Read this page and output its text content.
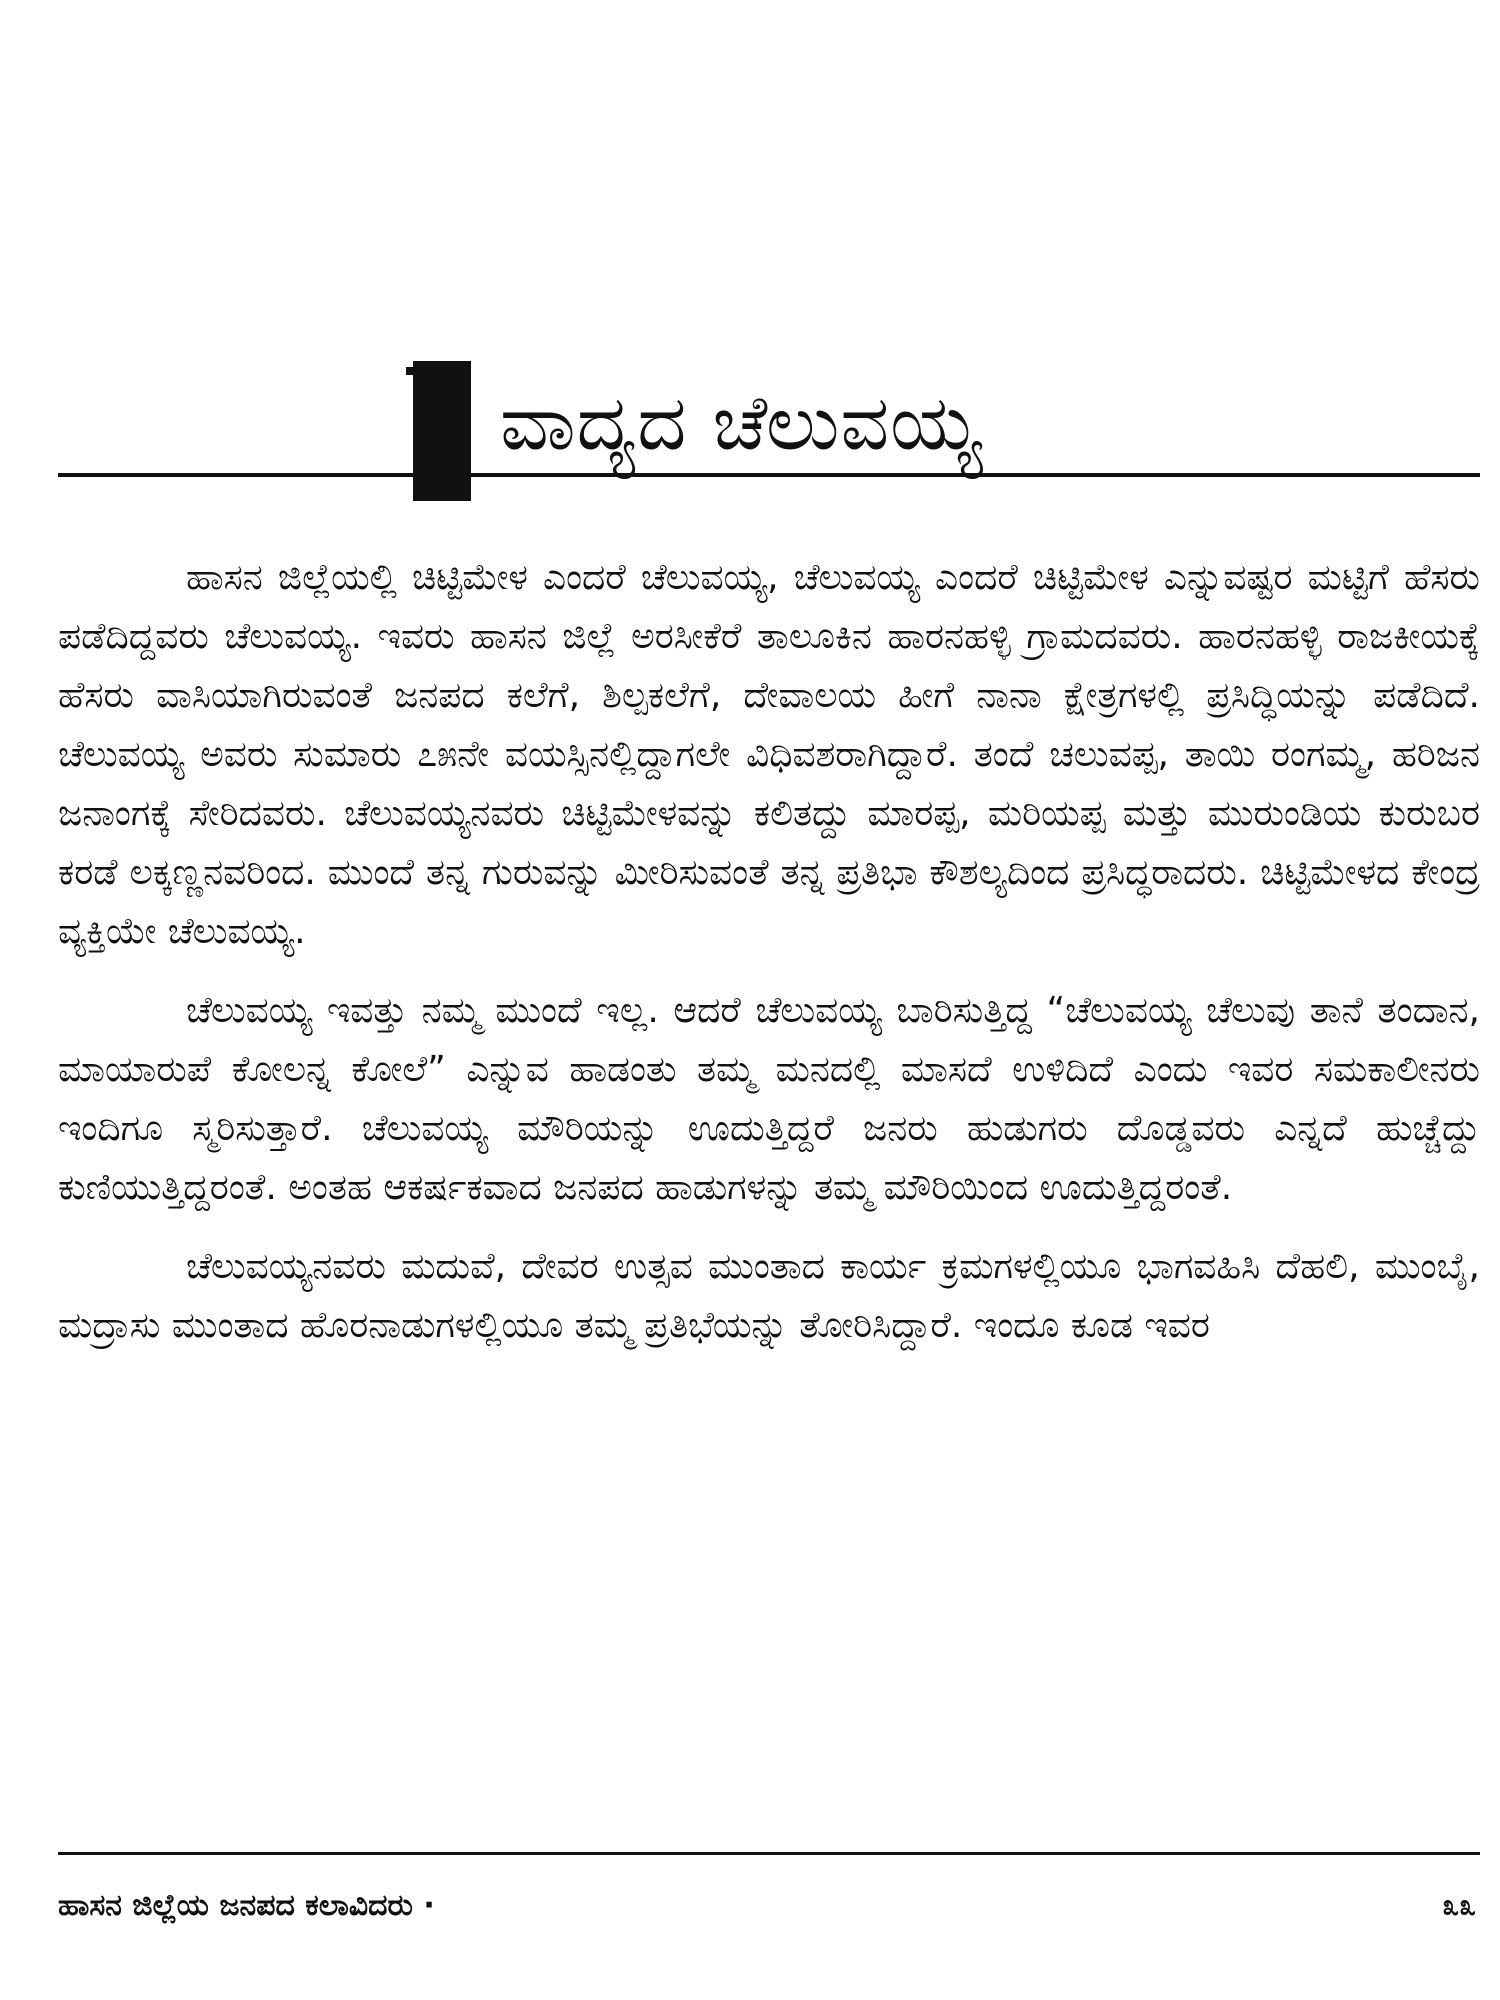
ವಾದ್ಯದ ಚೆಲುವಯ್ಯ

ಹಾಸನ ಜಿಲ್ಲೆಯಲ್ಲಿ ಚಿಟ್ಟಿಮೇಳ ಎಂದರೆ ಚೆಲುವಯ್ಯ, ಚೆಲುವಯ್ಯ ಎಂದರೆ ಚಿಟ್ಟಿಮೇಳ ಎನ್ನುವಷ್ಟರ ಮಟ್ಟಿಗೆ ಹೆಸರು ಪಡೆದಿದ್ದವರು ಚೆಲುವಯ್ಯ. ಇವರು ಹಾಸನ ಜಿಲ್ಲೆ ಅರಸೀಕೆರೆ ತಾಲೂಕಿನ ಹಾರನಹಳ್ಳಿ ಗ್ರಾಮದವರು. ಹಾರನಹಳ್ಳಿ ರಾಜಕೀಯಕ್ಕೆ ಹೆಸರು ವಾಸಿಯಾಗಿರುವಂತೆ ಜನಪದ ಕಲೆಗೆ, ಶಿಲ್ಪಕಲೆಗೆ, ದೇವಾಲಯ ಹೀಗೆ ನಾನಾ ಕ್ಷೇತ್ರಗಳಲ್ಲಿ ಪ್ರಸಿದ್ಧಿಯನ್ನು ಪಡೆದಿದೆ. ಚೆಲುವಯ್ಯ ಅವರು ಸುಮಾರು ೭೫ನೇ ವಯಸ್ಸಿನಲ್ಲಿದ್ದಾಗಲೇ ವಿಧಿವಶರಾಗಿದ್ದಾರೆ. ತಂದೆ ಚಲುವಪ್ಪ, ತಾಯಿ ರಂಗಮ್ಮ, ಹರಿಜನ ಜನಾಂಗಕ್ಕೆ ಸೇರಿದವರು. ಚೆಲುವಯ್ಯನವರು ಚಿಟ್ಟಿಮೇಳವನ್ನು ಕಲಿತದ್ದು ಮಾರಪ್ಪ, ಮರಿಯಪ್ಪ ಮತ್ತು ಮುರುಂಡಿಯ ಕುರುಬರ ಕರಡೆ ಲಕ್ಕಣ್ಣನವರಿಂದ. ಮುಂದೆ ತನ್ನ ಗುರುವನ್ನು ಮೀರಿಸುವಂತೆ ತನ್ನ ಪ್ರತಿಭಾ ಕೌಶಲ್ಯದಿಂದ ಪ್ರಸಿದ್ಧರಾದರು. ಚಿಟ್ಟಿಮೇಳದ ಕೇಂದ್ರ ವ್ಯಕ್ತಿಯೇ ಚೆಲುವಯ್ಯ.

ಚೆಲುವಯ್ಯ ಇವತ್ತು ನಮ್ಮ ಮುಂದೆ ಇಲ್ಲ. ಆದರೆ ಚೆಲುವಯ್ಯ ಬಾರಿಸುತ್ತಿದ್ದ “ಚೆಲುವಯ್ಯ ಚೆಲುವು ತಾನೆ ತಂದಾನ, ಮಾಯಾರುಪೆ ಕೋಲನ್ನ ಕೋಲೆ” ಎನ್ನುವ ಹಾಡಂತು ತಮ್ಮ ಮನದಲ್ಲಿ ಮಾಸದೆ ಉಳಿದಿದೆ ಎಂದು ಇವರ ಸಮಕಾಲೀನರು ಇಂದಿಗೂ ಸ್ಮರಿಸುತ್ತಾರೆ. ಚೆಲುವಯ್ಯ ಮೌರಿಯನ್ನು ಊದುತ್ತಿದ್ದರೆ ಜನರು ಹುಡುಗರು ದೊಡ್ಡವರು ಎನ್ನದೆ ಹುಚ್ಚೆದ್ದು ಕುಣಿಯುತ್ತಿದ್ದರಂತೆ. ಅಂತಹ ಆಕರ್ಷಕವಾದ ಜನಪದ ಹಾಡುಗಳನ್ನು ತಮ್ಮ ಮೌರಿಯಿಂದ ಊದುತ್ತಿದ್ದರಂತೆ.

ಚೆಲುವಯ್ಯನವರು ಮದುವೆ, ದೇವರ ಉತ್ಸವ ಮುಂತಾದ ಕಾರ್ಯ ಕ್ರಮಗಳಲ್ಲಿಯೂ ಭಾಗವಹಿಸಿ ದೆಹಲಿ, ಮುಂಬೈ, ಮದ್ರಾಸು ಮುಂತಾದ ಹೊರನಾಡುಗಳಲ್ಲಿಯೂ ತಮ್ಮ ಪ್ರತಿಭೆಯನ್ನು ತೋರಿಸಿದ್ದಾರೆ. ಇಂದೂ ಕೂಡ ಇವರ

ಹಾಸನ ಜಿಲ್ಲೆಯ ಜನಪದ ಕಲಾವಿದರು ·	೩೩
